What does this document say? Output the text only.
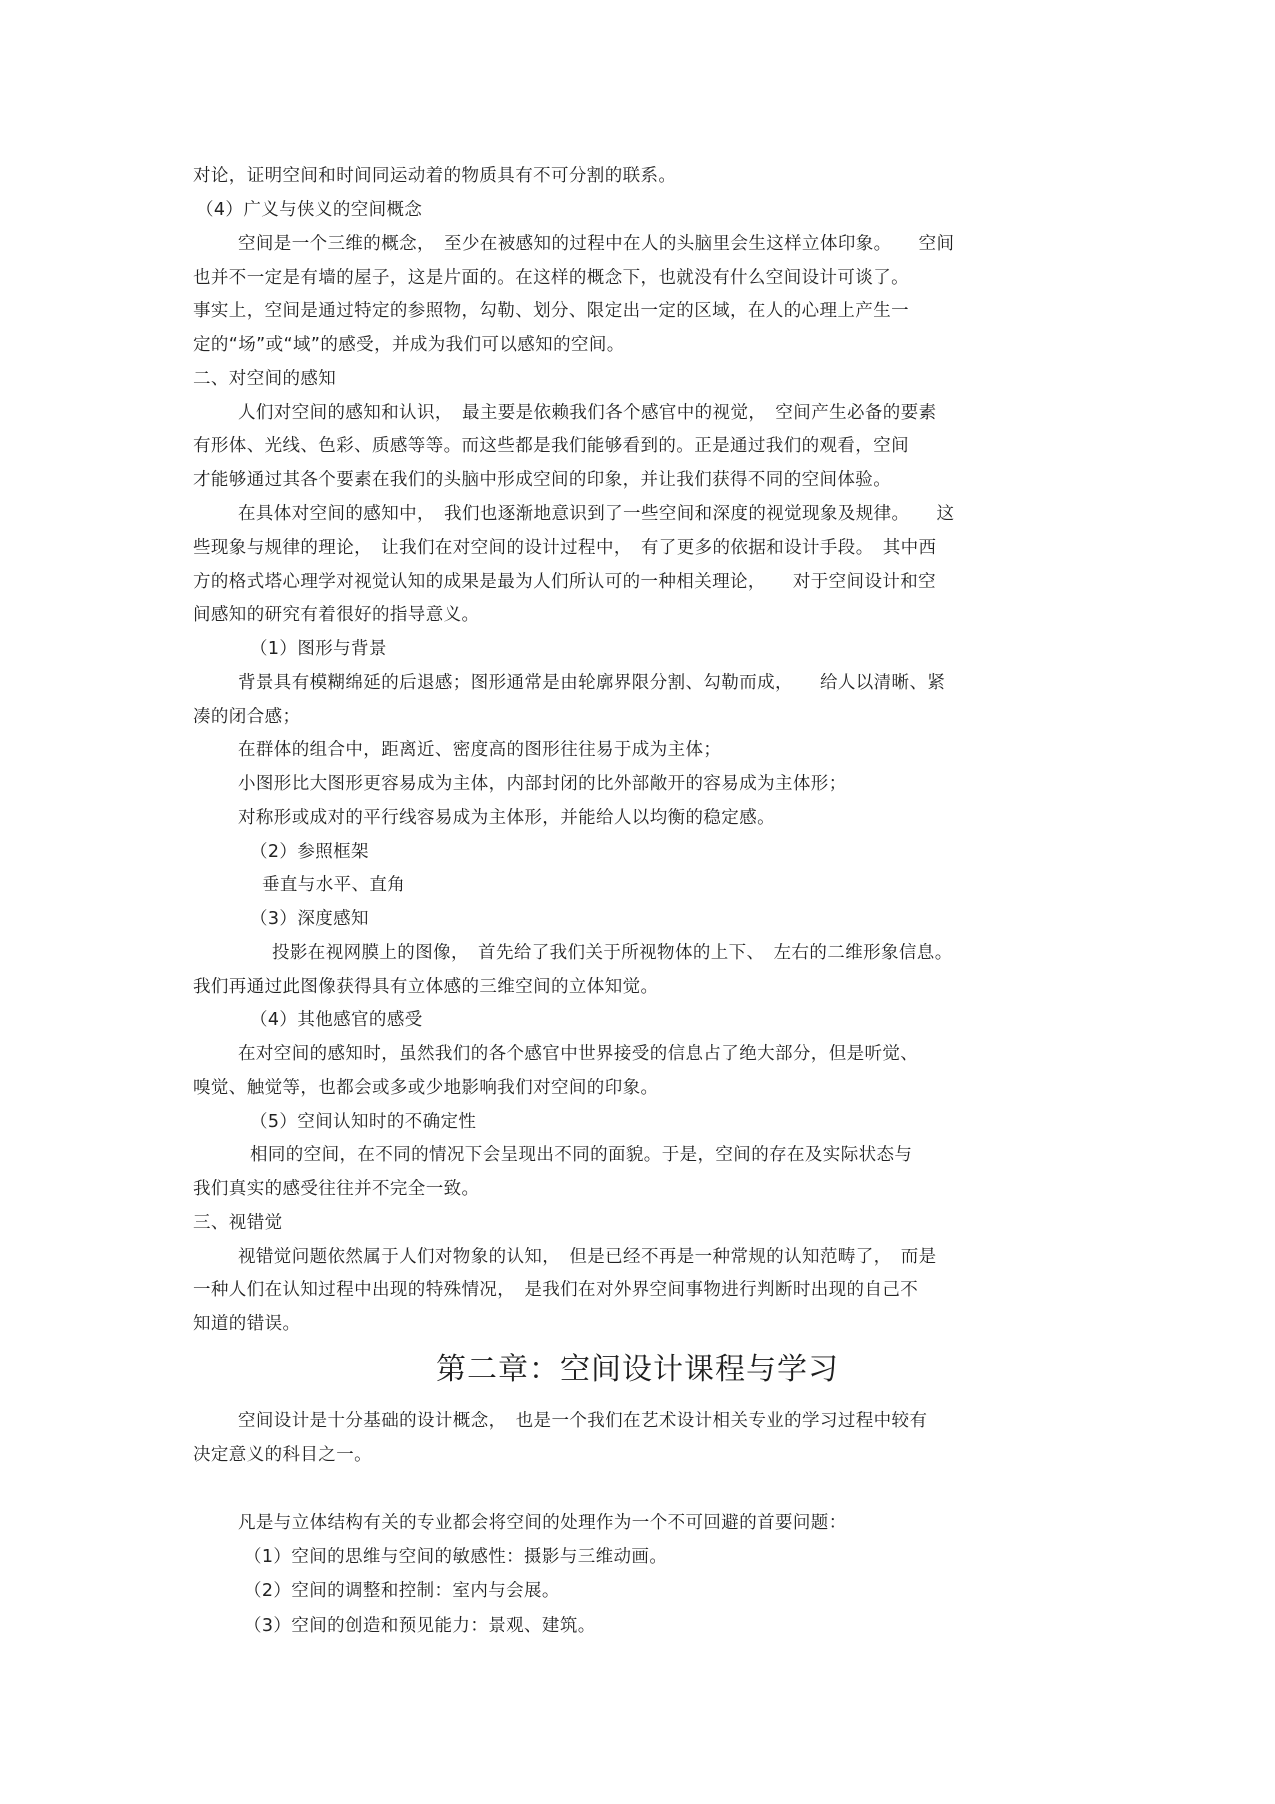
对论，证明空间和时间同运动着的物质具有不可分割的联系。
（4）广义与侠义的空间概念
空间是一个三维的概念，　至少在被感知的过程中在人的头脑里会生这样立体印象。　　空间
也并不一定是有墙的屋子，这是片面的。在这样的概念下，也就没有什么空间设计可谈了。
事实上，空间是通过特定的参照物，勾勒、划分、限定出一定的区域，在人的心理上产生一
定的“场”或“域”的感受，并成为我们可以感知的空间。
二、对空间的感知
人们对空间的感知和认识，　最主要是依赖我们各个感官中的视觉，　空间产生必备的要素
有形体、光线、色彩、质感等等。而这些都是我们能够看到的。正是通过我们的观看，空间
才能够通过其各个要素在我们的头脑中形成空间的印象，并让我们获得不同的空间体验。
在具体对空间的感知中，　我们也逐渐地意识到了一些空间和深度的视觉现象及规律。　　这
些现象与规律的理论，　让我们在对空间的设计过程中，　有了更多的依据和设计手段。　其中西
方的格式塔心理学对视觉认知的成果是最为人们所认可的一种相关理论，　　对于空间设计和空
间感知的研究有着很好的指导意义。
（1）图形与背景
背景具有模糊绵延的后退感；图形通常是由轮廓界限分割、勾勒而成，　　给人以清晰、紧
凑的闭合感；
在群体的组合中，距离近、密度高的图形往往易于成为主体；
小图形比大图形更容易成为主体，内部封闭的比外部敞开的容易成为主体形；
对称形或成对的平行线容易成为主体形，并能给人以均衡的稳定感。
（2）参照框架
垂直与水平、直角
（3）深度感知
投影在视网膜上的图像，　首先给了我们关于所视物体的上下、　左右的二维形象信息。
我们再通过此图像获得具有立体感的三维空间的立体知觉。
（4）其他感官的感受
在对空间的感知时，虽然我们的各个感官中世界接受的信息占了绝大部分，但是听觉、
嗅觉、触觉等，也都会或多或少地影响我们对空间的印象。
（5）空间认知时的不确定性
相同的空间，在不同的情况下会呈现出不同的面貌。于是，空间的存在及实际状态与
我们真实的感受往往并不完全一致。
三、视错觉
视错觉问题依然属于人们对物象的认知，　但是已经不再是一种常规的认知范畴了，　而是
一种人们在认知过程中出现的特殊情况，　是我们在对外界空间事物进行判断时出现的自己不
知道的错误。
第二章：空间设计课程与学习
空间设计是十分基础的设计概念，　也是一个我们在艺术设计相关专业的学习过程中较有
决定意义的科目之一。
凡是与立体结构有关的专业都会将空间的处理作为一个不可回避的首要问题：
（1）空间的思维与空间的敏感性：摄影与三维动画。
（2）空间的调整和控制：室内与会展。
（3）空间的创造和预见能力：景观、建筑。
